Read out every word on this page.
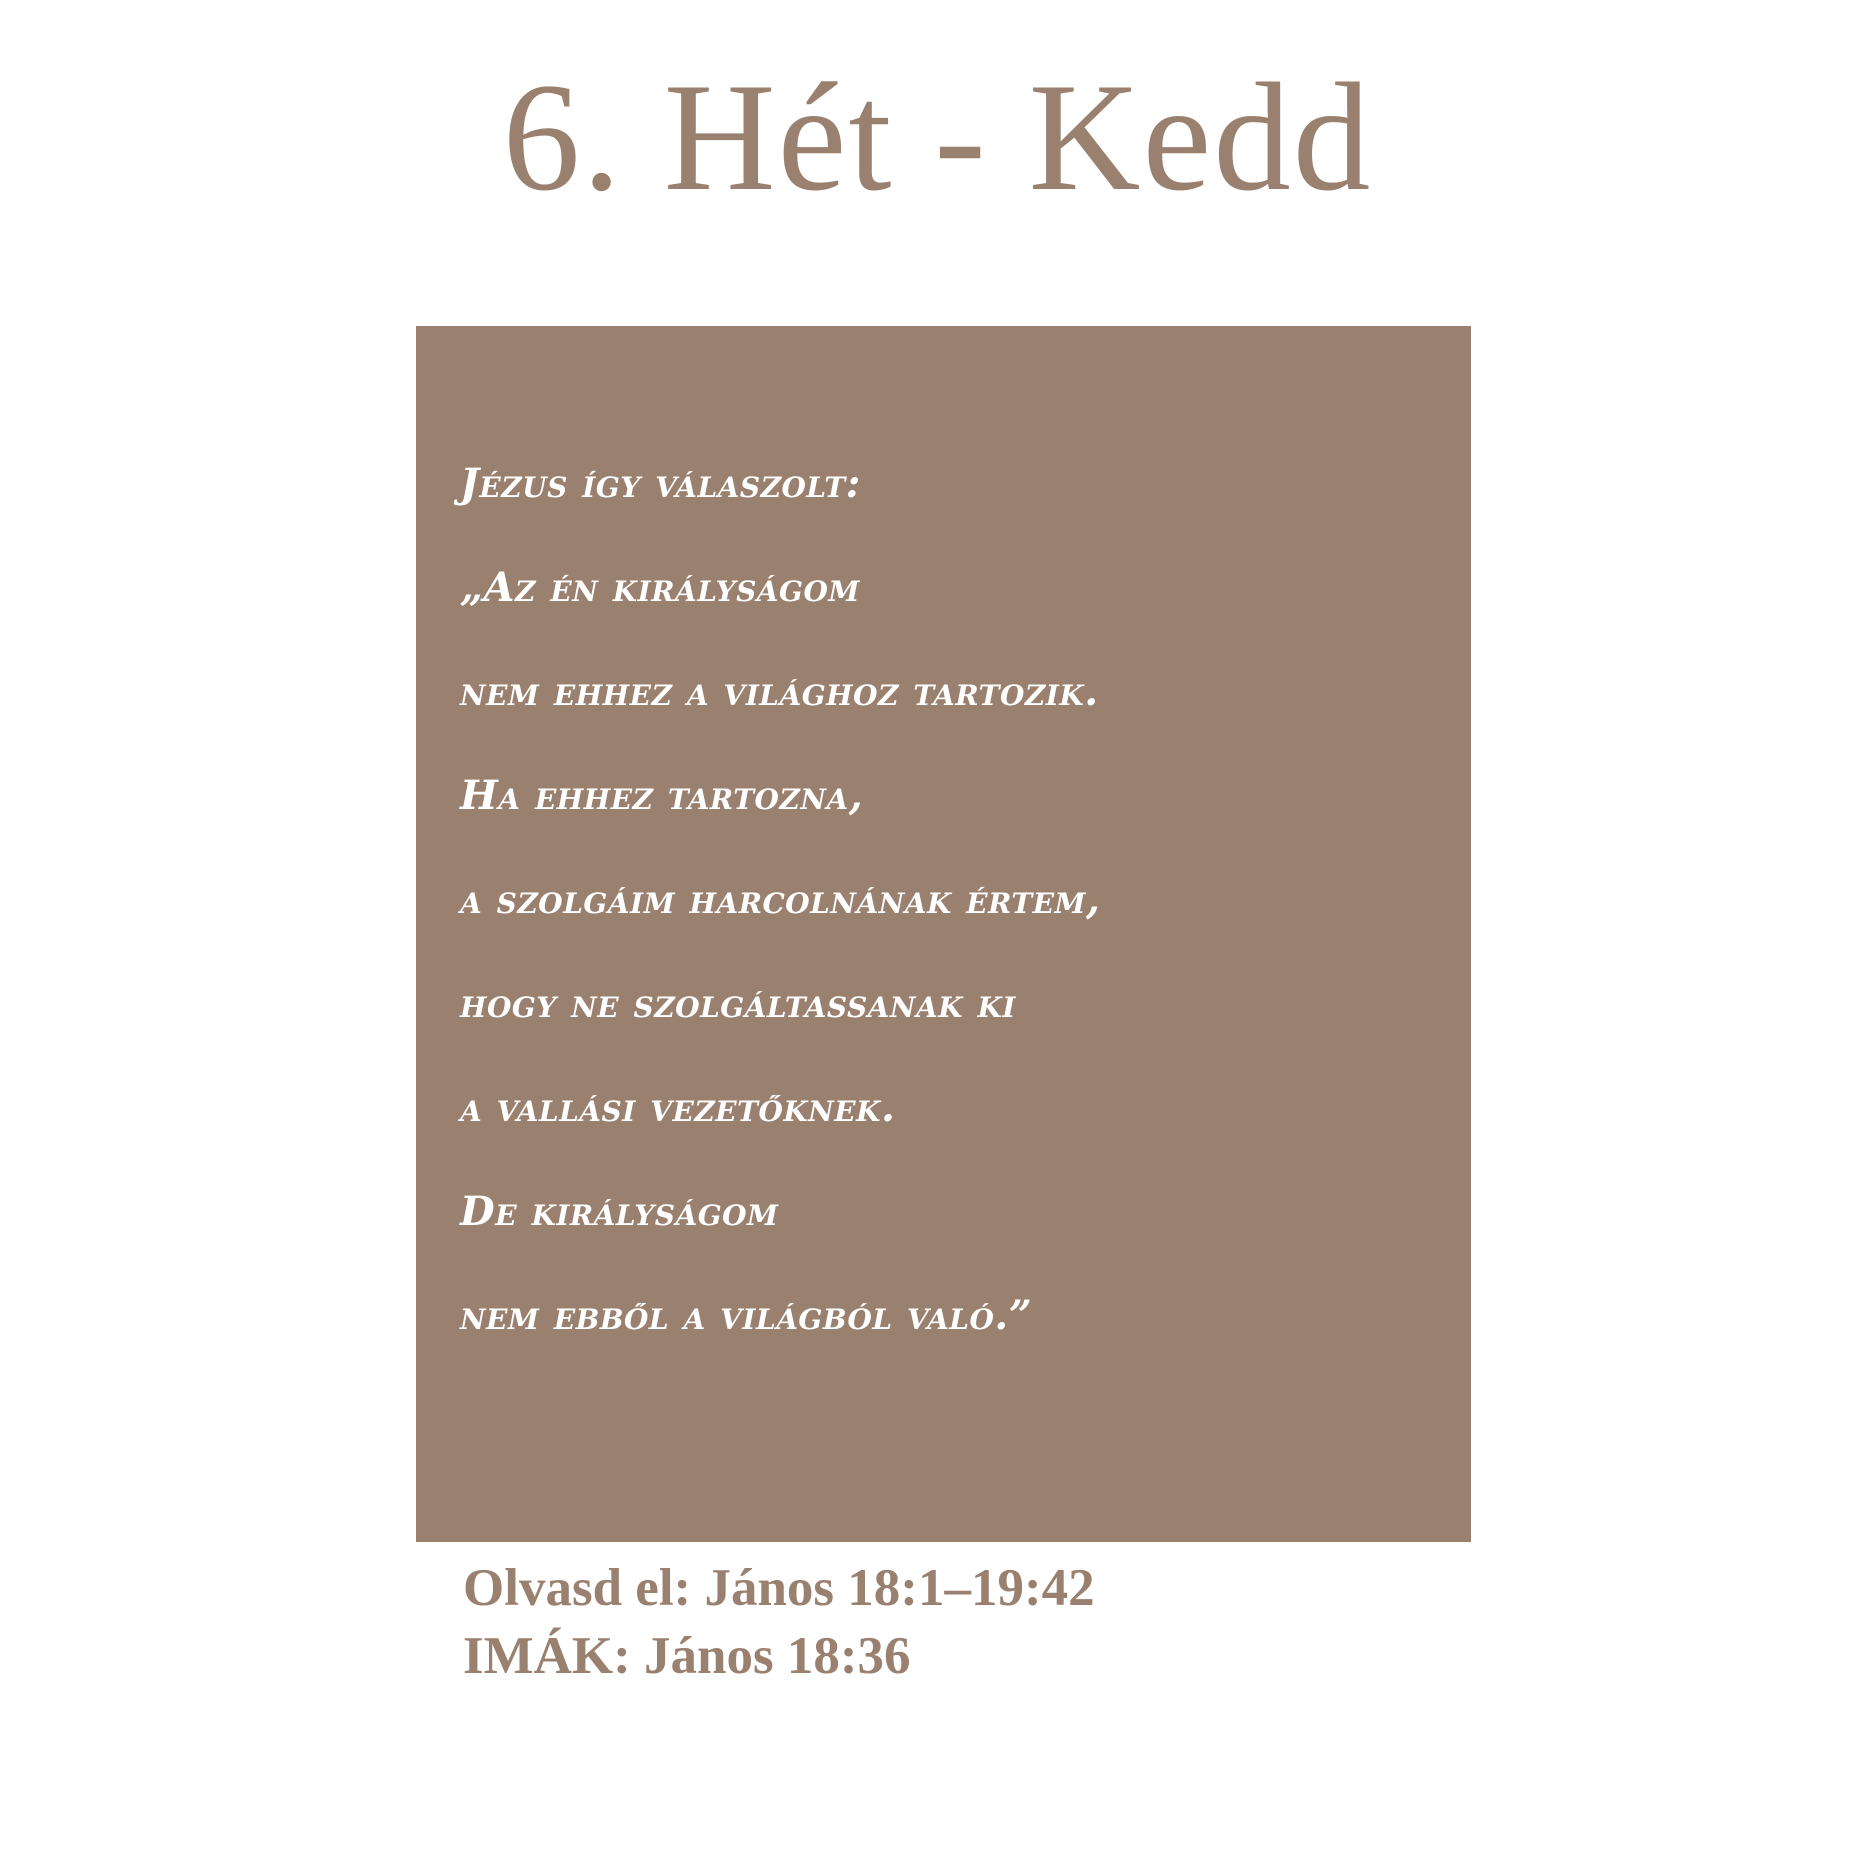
6. Hét - Kedd
Jézus így válaszolt:
„Az én királyságom
nem ehhez a világhoz tartozik.
Ha ehhez tartozna,
a szolgáim harcolnának értem,
hogy ne szolgáltassanak ki
a vallási vezetőknek.
De királyságom
nem ebből a világból való.”
Olvasd el: János 18:1–19:42
IMÁK: János 18:36
